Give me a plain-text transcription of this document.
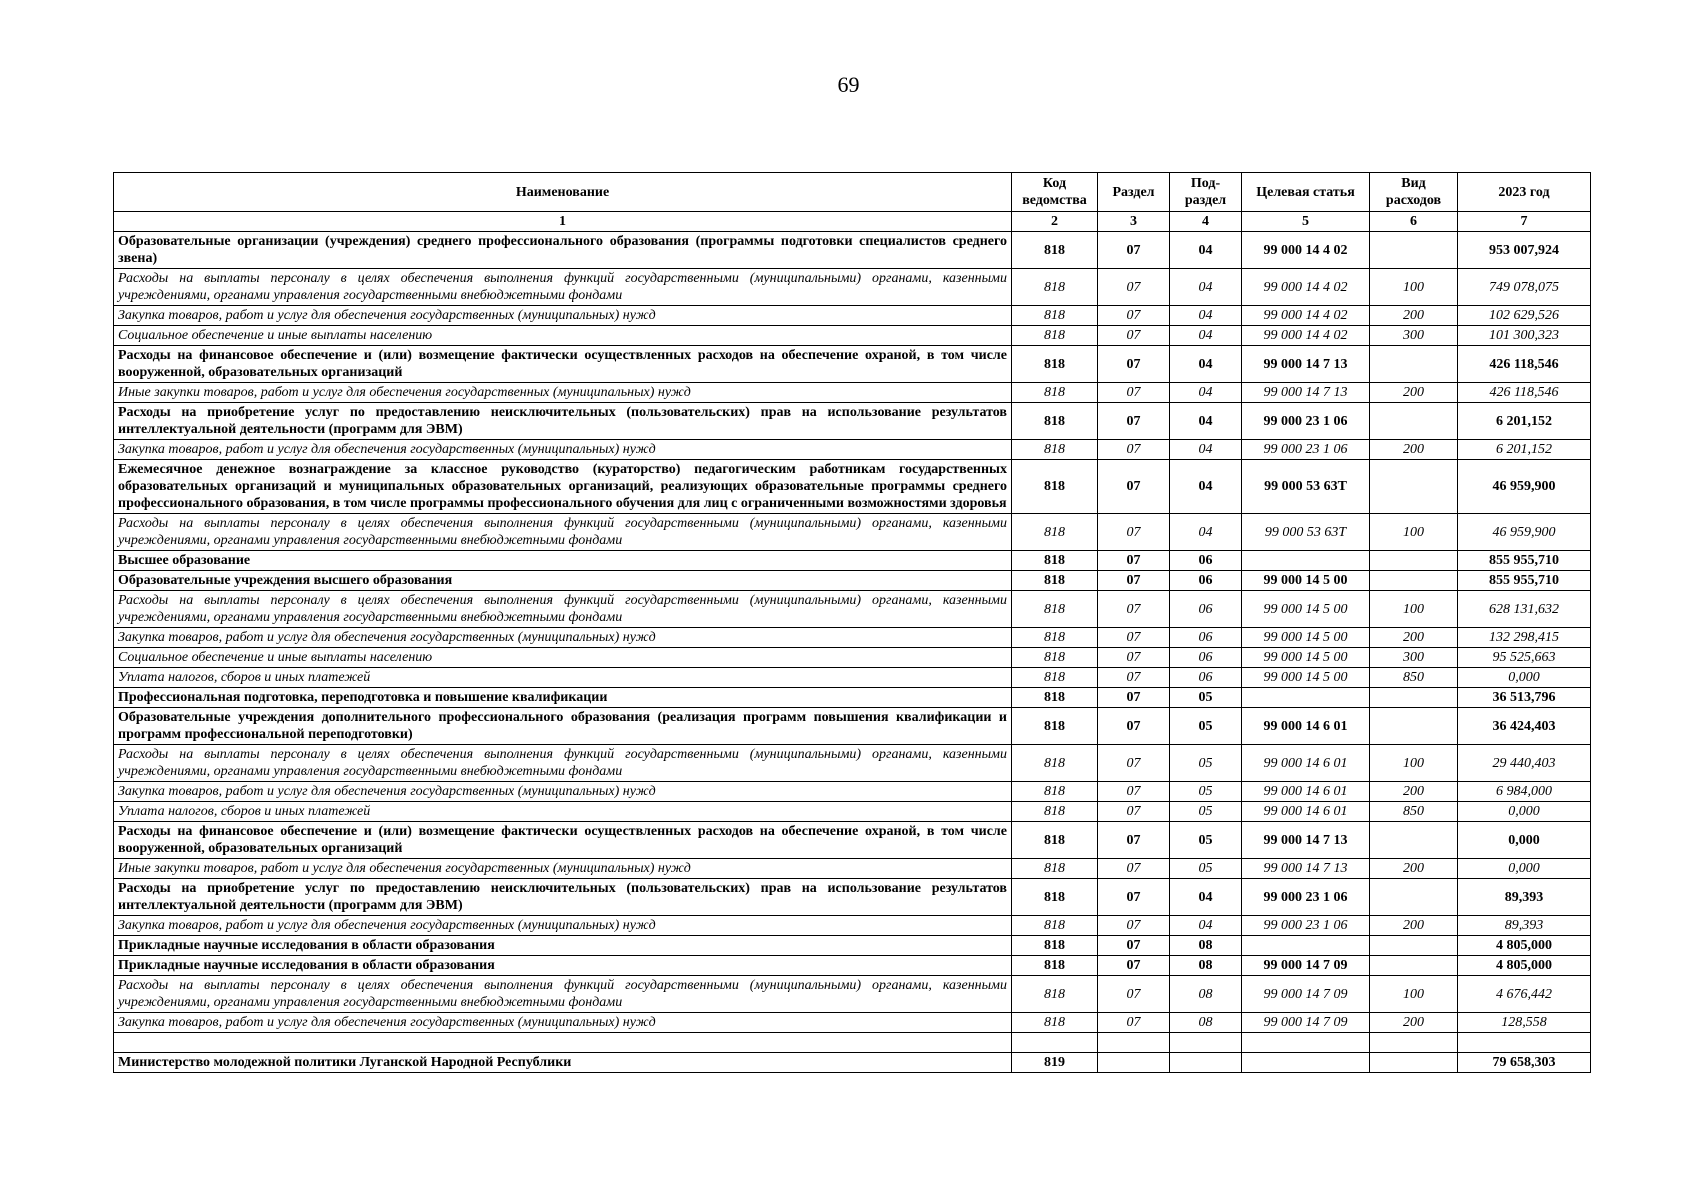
69
Наименование	Код ведомства	Раздел	Под- раздел	Целевая статья	Вид расходов	2023 год
1	2	3	4	5	6	7
Образовательные организации (учреждения) среднего профессионального образования (программы подготовки специалистов среднего звена)	818	07	04	99 000 14 4 02		953 007,924
Расходы на выплаты персоналу в целях обеспечения выполнения функций государственными (муниципальными) органами, казенными учреждениями, органами управления государственными внебюджетными фондами	818	07	04	99 000 14 4 02	100	749 078,075
Закупка товаров, работ и услуг для обеспечения государственных (муниципальных) нужд	818	07	04	99 000 14 4 02	200	102 629,526
Социальное обеспечение и иные выплаты населению	818	07	04	99 000 14 4 02	300	101 300,323
Расходы на финансовое обеспечение и (или) возмещение фактически осуществленных расходов на обеспечение охраной, в том числе вооруженной, образовательных организаций	818	07	04	99 000 14 7 13		426 118,546
Иные закупки товаров, работ и услуг для обеспечения государственных (муниципальных) нужд	818	07	04	99 000 14 7 13	200	426 118,546
Расходы на приобретение услуг по предоставлению неисключительных (пользовательских) прав на использование результатов интеллектуальной деятельности (программ для ЭВМ)	818	07	04	99 000 23 1 06		6 201,152
Закупка товаров, работ и услуг для обеспечения государственных (муниципальных) нужд	818	07	04	99 000 23 1 06	200	6 201,152
Ежемесячное денежное вознаграждение за классное руководство (кураторство) педагогическим работникам государственных образовательных организаций и муниципальных образовательных организаций, реализующих образовательные программы среднего профессионального образования, в том числе программы профессионального обучения для лиц с ограниченными возможностями здоровья	818	07	04	99 000 53 63Т		46 959,900
Расходы на выплаты персоналу в целях обеспечения выполнения функций государственными (муниципальными) органами, казенными учреждениями, органами управления государственными внебюджетными фондами	818	07	04	99 000 53 63Т	100	46 959,900
Высшее образование	818	07	06			855 955,710
Образовательные учреждения высшего образования	818	07	06	99 000 14 5 00		855 955,710
Расходы на выплаты персоналу в целях обеспечения выполнения функций государственными (муниципальными) органами, казенными учреждениями, органами управления государственными внебюджетными фондами	818	07	06	99 000 14 5 00	100	628 131,632
Закупка товаров, работ и услуг для обеспечения государственных (муниципальных) нужд	818	07	06	99 000 14 5 00	200	132 298,415
Социальное обеспечение и иные выплаты населению	818	07	06	99 000 14 5 00	300	95 525,663
Уплата налогов, сборов и иных платежей	818	07	06	99 000 14 5 00	850	0,000
Профессиональная подготовка, переподготовка и повышение квалификации	818	07	05			36 513,796
Образовательные учреждения дополнительного профессионального образования (реализация программ повышения квалификации и программ профессиональной переподготовки)	818	07	05	99 000 14 6 01		36 424,403
Расходы на выплаты персоналу в целях обеспечения выполнения функций государственными (муниципальными) органами, казенными учреждениями, органами управления государственными внебюджетными фондами	818	07	05	99 000 14 6 01	100	29 440,403
Закупка товаров, работ и услуг для обеспечения государственных (муниципальных) нужд	818	07	05	99 000 14 6 01	200	6 984,000
Уплата налогов, сборов и иных платежей	818	07	05	99 000 14 6 01	850	0,000
Расходы на финансовое обеспечение и (или) возмещение фактически осуществленных расходов на обеспечение охраной, в том числе вооруженной, образовательных организаций	818	07	05	99 000 14 7 13		0,000
Иные закупки товаров, работ и услуг для обеспечения государственных (муниципальных) нужд	818	07	05	99 000 14 7 13	200	0,000
Расходы на приобретение услуг по предоставлению неисключительных (пользовательских) прав на использование результатов интеллектуальной деятельности (программ для ЭВМ)	818	07	04	99 000 23 1 06		89,393
Закупка товаров, работ и услуг для обеспечения государственных (муниципальных) нужд	818	07	04	99 000 23 1 06	200	89,393
Прикладные научные исследования в области образования	818	07	08			4 805,000
Прикладные научные исследования в области образования	818	07	08	99 000 14 7 09		4 805,000
Расходы на выплаты персоналу в целях обеспечения выполнения функций государственными (муниципальными) органами, казенными учреждениями, органами управления государственными внебюджетными фондами	818	07	08	99 000 14 7 09	100	4 676,442
Закупка товаров, работ и услуг для обеспечения государственных (муниципальных) нужд	818	07	08	99 000 14 7 09	200	128,558

Министерство молодежной политики Луганской Народной Республики	819					79 658,303
